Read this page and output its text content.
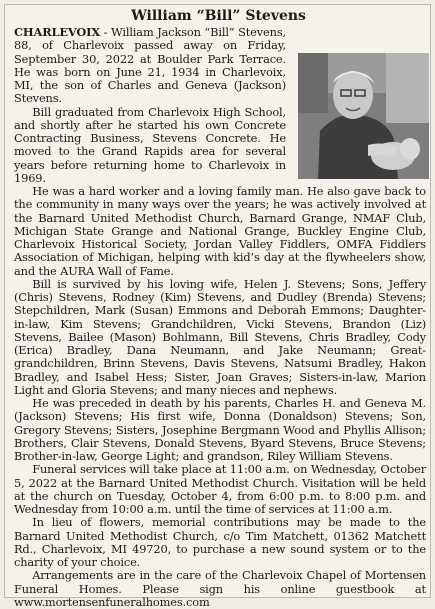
William “Bill” Stevens

CHARLEVOIX - William Jackson “Bill” Stevens, 88, of Charlevoix passed away on Friday, September 30, 2022 at Boulder Park Terrace. He was born on June 21, 1934 in Charlevoix, MI, the son of Charles and Geneva (Jackson) Stevens.

Bill graduated from Charlevoix High School, and shortly after he started his own Concrete Contracting Business, Stevens Concrete. He moved to the Grand Rapids area for several years before returning home to Charlevoix in 1969.

He was a hard worker and a loving family man. He also gave back to the community in many ways over the years; he was actively involved at the Barnard United Methodist Church, Barnard Grange, NMAF Club, Michigan State Grange and National Grange, Buckley Engine Club, Charlevoix Historical Society, Jordan Valley Fiddlers, OMFA Fiddlers Association of Michigan, helping with kid’s day at the flywheelers show, and the AURA Wall of Fame.

Bill is survived by his loving wife, Helen J. Stevens; Sons, Jeffery (Chris) Stevens, Rodney (Kim) Stevens, and Dudley (Brenda) Stevens; Stepchildren, Mark (Susan) Emmons and Deborah Emmons; Daughter-in-law, Kim Stevens; Grandchildren, Vicki Stevens, Brandon (Liz) Stevens, Bailee (Mason) Bohlmann, Bill Stevens, Chris Bradley, Cody (Erica) Bradley, Dana Neumann, and Jake Neumann; Great-grandchildren, Brinn Stevens, Davis Stevens, Natsumi Bradley, Hakon Bradley, and Isabel Hess; Sister, Joan Graves; Sisters-in-law, Marion Light and Gloria Stevens; and many nieces and nephews.

He was preceded in death by his parents, Charles H. and Geneva M. (Jackson) Stevens; His first wife, Donna (Donaldson) Stevens; Son, Gregory Stevens; Sisters, Josephine Bergmann Wood and Phyllis Allison; Brothers, Clair Stevens, Donald Stevens, Byard Stevens, Bruce Stevens; Brother-in-law, George Light; and grandson, Riley William Stevens.

Funeral services will take place at 11:00 a.m. on Wednesday, October 5, 2022 at the Barnard United Methodist Church. Visitation will be held at the church on Tuesday, October 4, from 6:00 p.m. to 8:00 p.m. and Wednesday from 10:00 a.m. until the time of services at 11:00 a.m.

In lieu of flowers, memorial contributions may be made to the Barnard United Methodist Church, c/o Tim Matchett, 01362 Matchett Rd., Charlevoix, MI 49720, to purchase a new sound system or to the charity of your choice.

Arrangements are in the care of the Charlevoix Chapel of Mortensen Funeral Homes. Please sign his online guestbook at www.mortensenfuneralhomes.com
